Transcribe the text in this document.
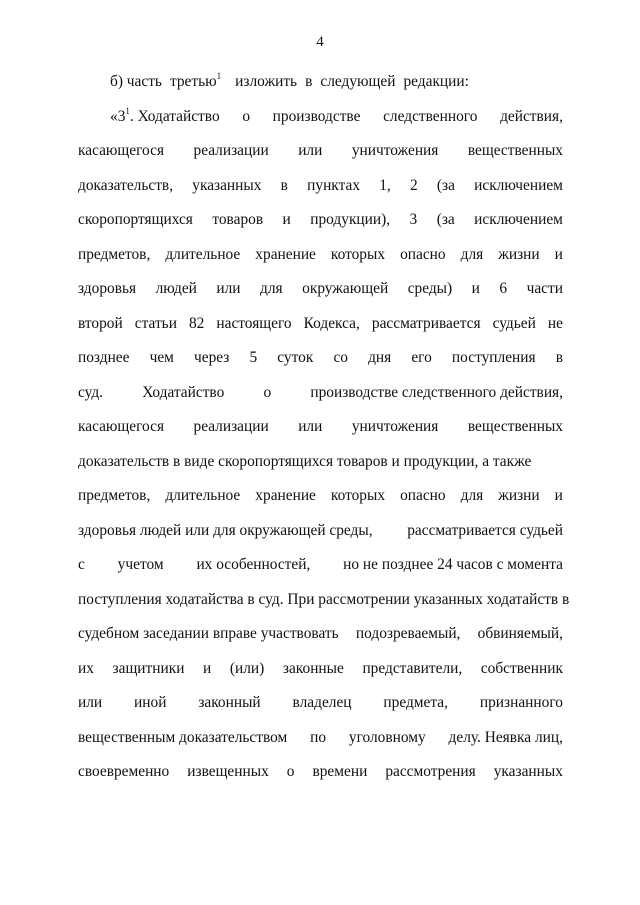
4
б) часть третью$^1$ изложить в следующей редакции:
«$3^1$. Ходатайство о производстве следственного действия,
касающегося реализации или уничтожения вещественных
доказательств, указанных в пунктах 1, 2 (за исключением
скоропортящихся товаров и продукции), 3 (за исключением
предметов, длительное хранение которых опасно для жизни и
здоровья людей или для окружающей среды) и 6 части
второй статьи 82 настоящего Кодекса, рассматривается судьей не
позднее чем через 5 суток со дня его поступления в
суд.	Ходатайство	о	производстве следственного действия,
касающегося реализации или уничтожения вещественных
доказательств в виде скоропортящихся товаров и продукции, а также
предметов, длительное хранение которых опасно для жизни и
здоровья людей или для окружающей среды, рассматривается судьей
с учетом их особенностей, но не позднее 24 часов с момента
поступления ходатайства в суд. При рассмотрении указанных ходатайств в
судебном заседании вправе участвовать подозреваемый, обвиняемый,
их защитники и (или) законные представители, собственник
или иной законный владелец предмета, признанного
вещественным доказательством по уголовному делу. Неявка лиц,
своевременно извещенных о времени рассмотрения указанных
